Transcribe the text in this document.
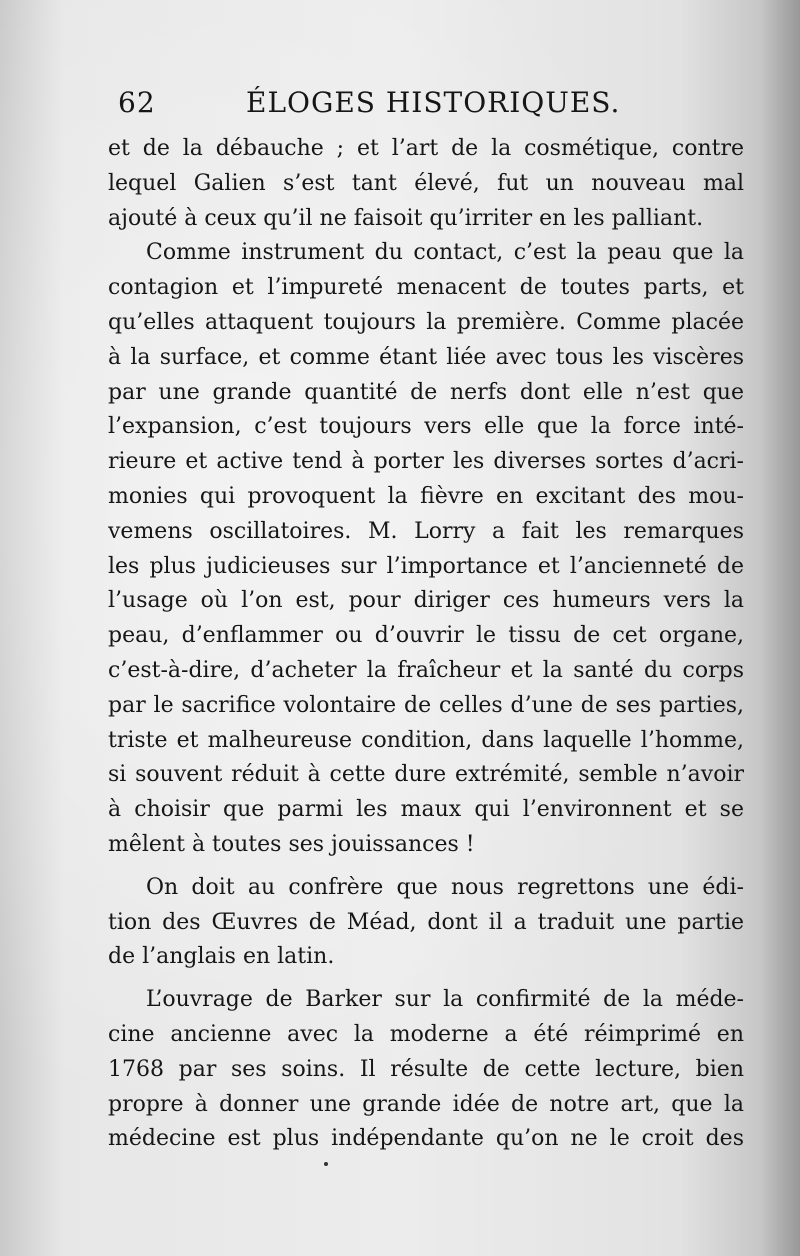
62	ÉLOGES HISTORIQUES.
et de la débauche ; et l’art de la cosmétique, contre
lequel Galien s’est tant élevé, fut un nouveau mal
ajouté à ceux qu’il ne faisoit qu’irriter en les palliant.
Comme instrument du contact, c’est la peau que la
contagion et l’impureté menacent de toutes parts, et
qu’elles attaquent toujours la première. Comme placée
à la surface, et comme étant liée avec tous les viscères
par une grande quantité de nerfs dont elle n’est que
l’expansion, c’est toujours vers elle que la force inté-
rieure et active tend à porter les diverses sortes d’acri-
monies qui provoquent la fièvre en excitant des mou-
vemens oscillatoires. M. Lorry a fait les remarques
les plus judicieuses sur l’importance et l’ancienneté de
l’usage où l’on est, pour diriger ces humeurs vers la
peau, d’enflammer ou d’ouvrir le tissu de cet organe,
c’est-à-dire, d’acheter la fraîcheur et la santé du corps
par le sacrifice volontaire de celles d’une de ses parties,
triste et malheureuse condition, dans laquelle l’homme,
si souvent réduit à cette dure extrémité, semble n’avoir
à choisir que parmi les maux qui l’environnent et se
mêlent à toutes ses jouissances !
On doit au confrère que nous regrettons une édi-
tion des Œuvres de Méad, dont il a traduit une partie
de l’anglais en latin.
L’ouvrage de Barker sur la confirmité de la méde-
cine ancienne avec la moderne a été réimprimé en
1768 par ses soins. Il résulte de cette lecture, bien
propre à donner une grande idée de notre art, que la
médecine est plus indépendante qu’on ne le croit des
